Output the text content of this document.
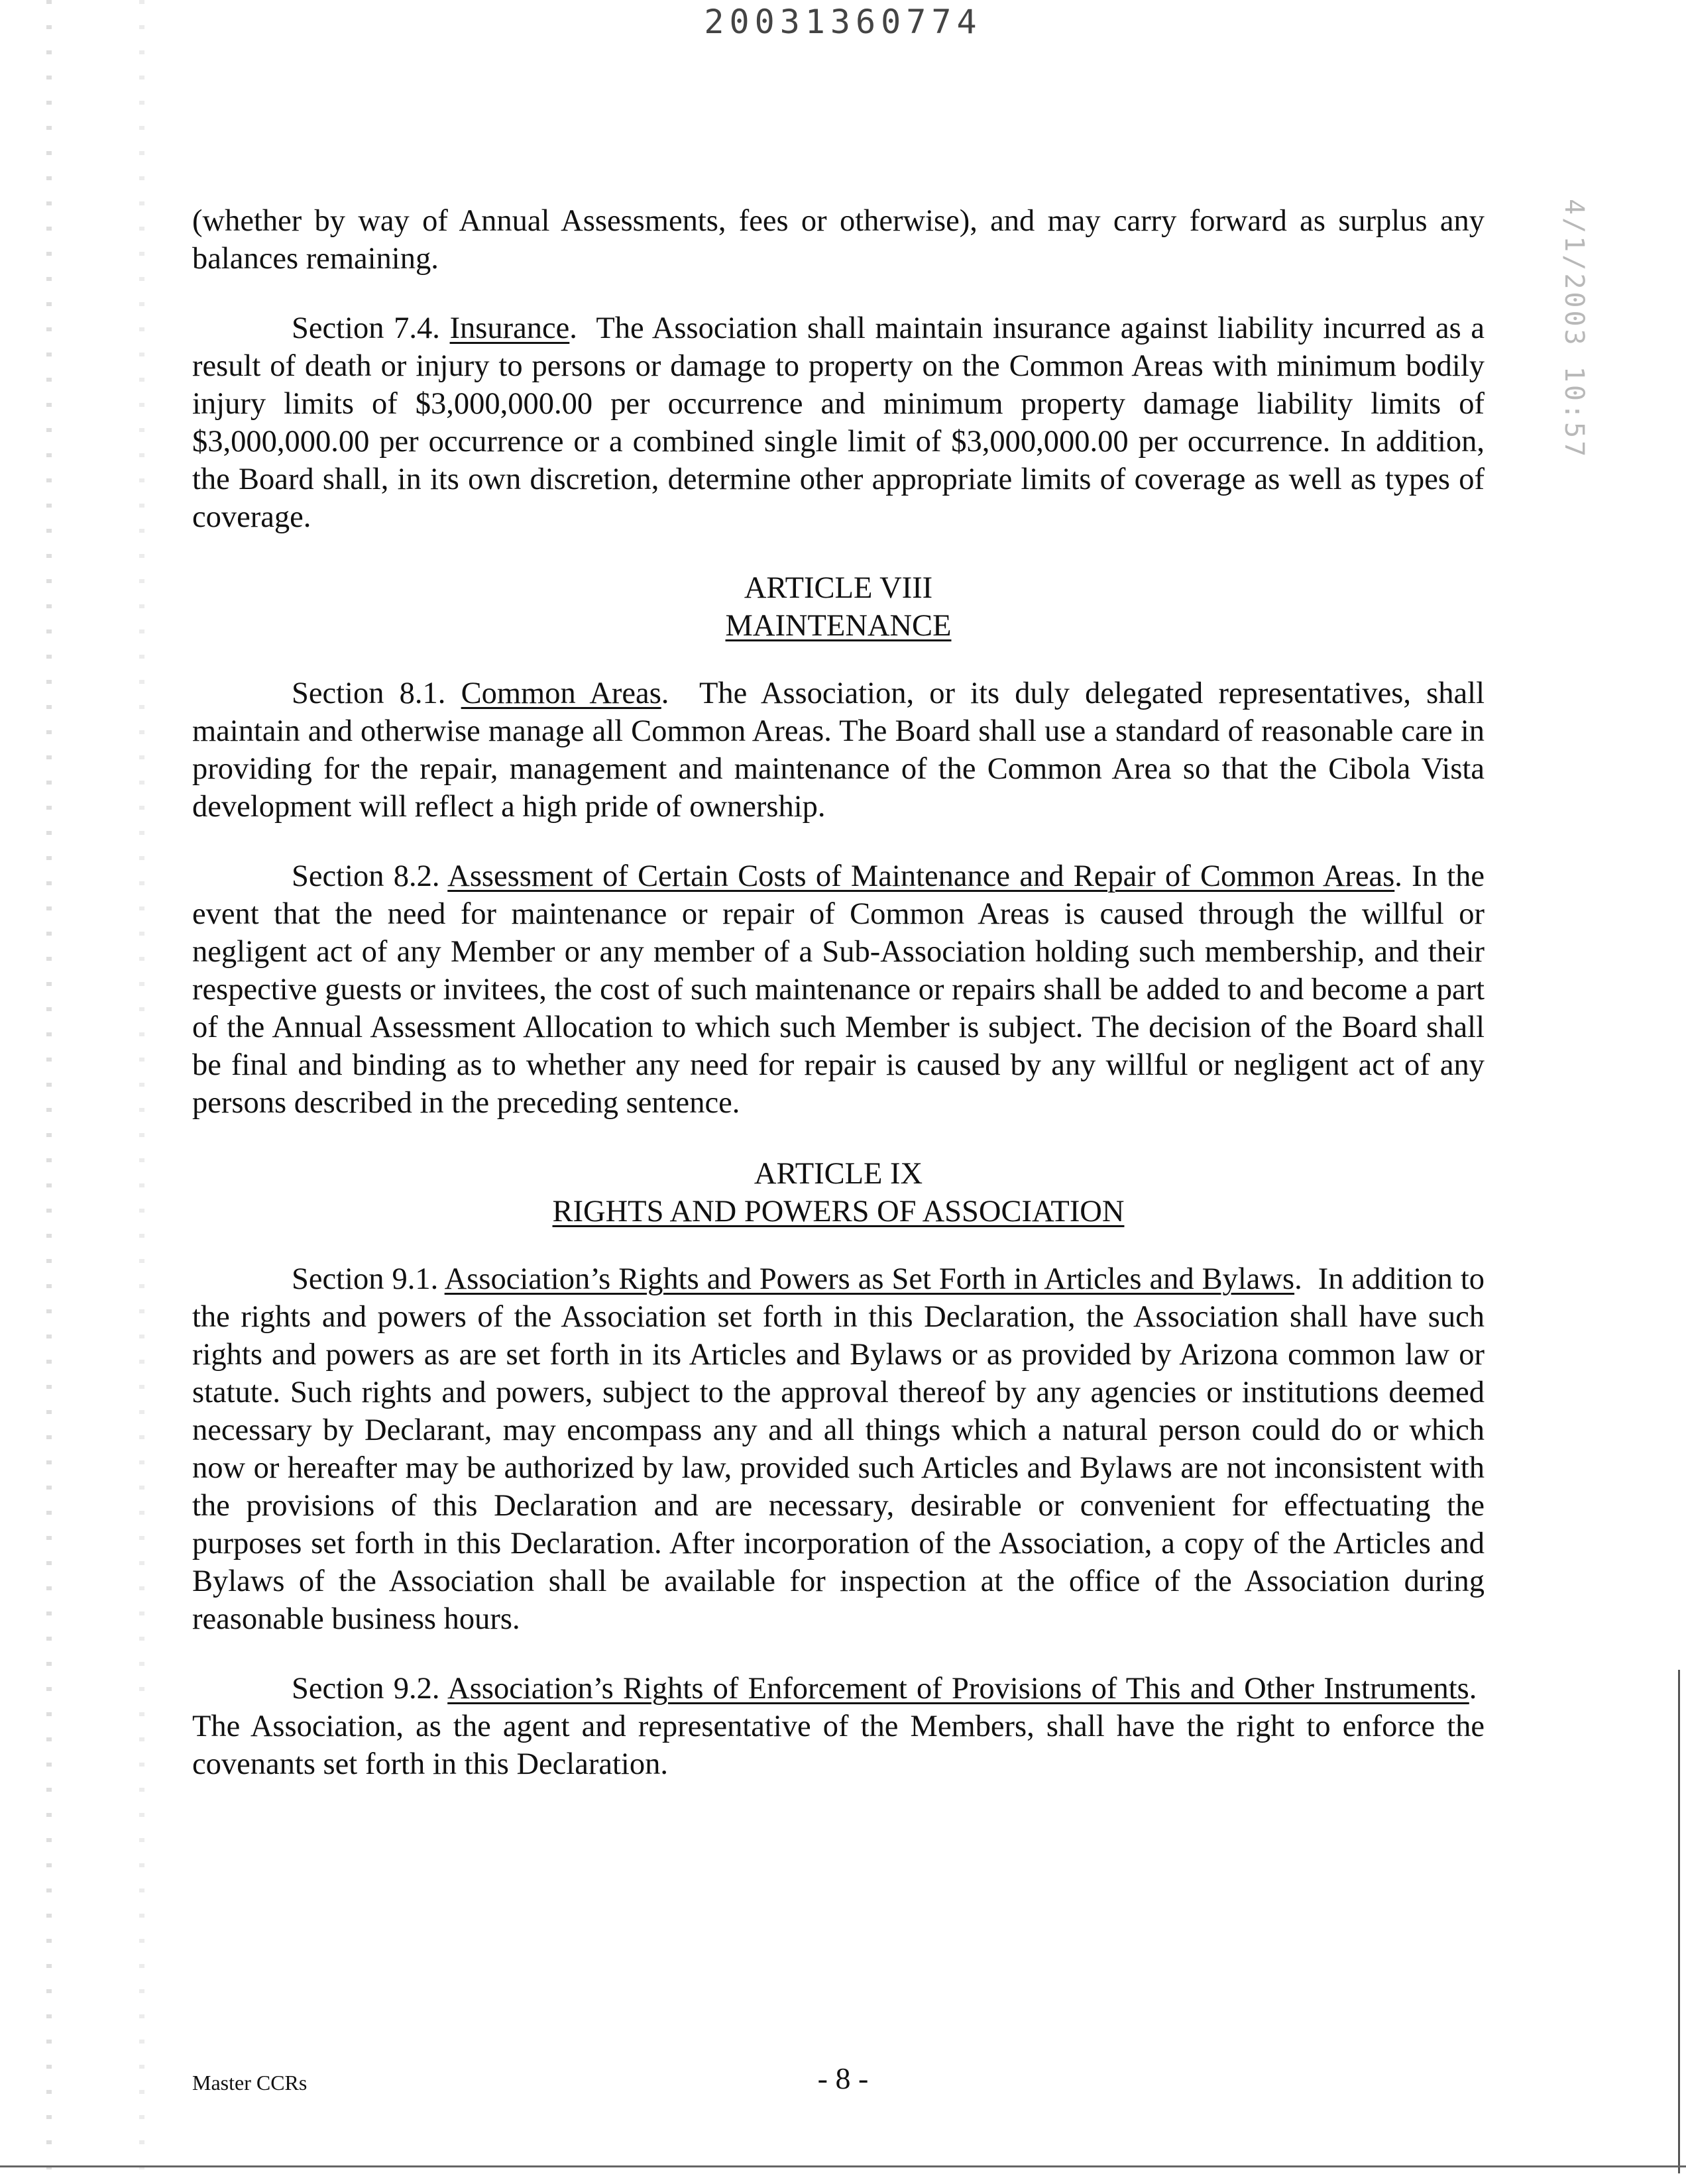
20031360774
4/1/2003 10:57

(whether by way of Annual Assessments, fees or otherwise), and may carry forward as surplus any balances remaining.

Section 7.4. Insurance.  The Association shall maintain insurance against liability incurred as a result of death or injury to persons or damage to property on the Common Areas with minimum bodily injury limits of $3,000,000.00 per occurrence and minimum property damage liability limits of $3,000,000.00 per occurrence or a combined single limit of $3,000,000.00 per occurrence. In addition, the Board shall, in its own discretion, determine other appropriate limits of coverage as well as types of coverage.

ARTICLE VIII
MAINTENANCE

Section 8.1. Common Areas.  The Association, or its duly delegated representatives, shall maintain and otherwise manage all Common Areas. The Board shall use a standard of reasonable care in providing for the repair, management and maintenance of the Common Area so that the Cibola Vista development will reflect a high pride of ownership.

Section 8.2. Assessment of Certain Costs of Maintenance and Repair of Common Areas. In the event that the need for maintenance or repair of Common Areas is caused through the willful or negligent act of any Member or any member of a Sub-Association holding such membership, and their respective guests or invitees, the cost of such maintenance or repairs shall be added to and become a part of the Annual Assessment Allocation to which such Member is subject. The decision of the Board shall be final and binding as to whether any need for repair is caused by any willful or negligent act of any persons described in the preceding sentence.

ARTICLE IX
RIGHTS AND POWERS OF ASSOCIATION

Section 9.1. Association’s Rights and Powers as Set Forth in Articles and Bylaws.  In addition to the rights and powers of the Association set forth in this Declaration, the Association shall have such rights and powers as are set forth in its Articles and Bylaws or as provided by Arizona common law or statute. Such rights and powers, subject to the approval thereof by any agencies or institutions deemed necessary by Declarant, may encompass any and all things which a natural person could do or which now or hereafter may be authorized by law, provided such Articles and Bylaws are not inconsistent with the provisions of this Declaration and are necessary, desirable or convenient for effectuating the purposes set forth in this Declaration. After incorporation of the Association, a copy of the Articles and Bylaws of the Association shall be available for inspection at the office of the Association during reasonable business hours.

Section 9.2. Association’s Rights of Enforcement of Provisions of This and Other Instruments.  The Association, as the agent and representative of the Members, shall have the right to enforce the covenants set forth in this Declaration.

Master CCRs	- 8 -
